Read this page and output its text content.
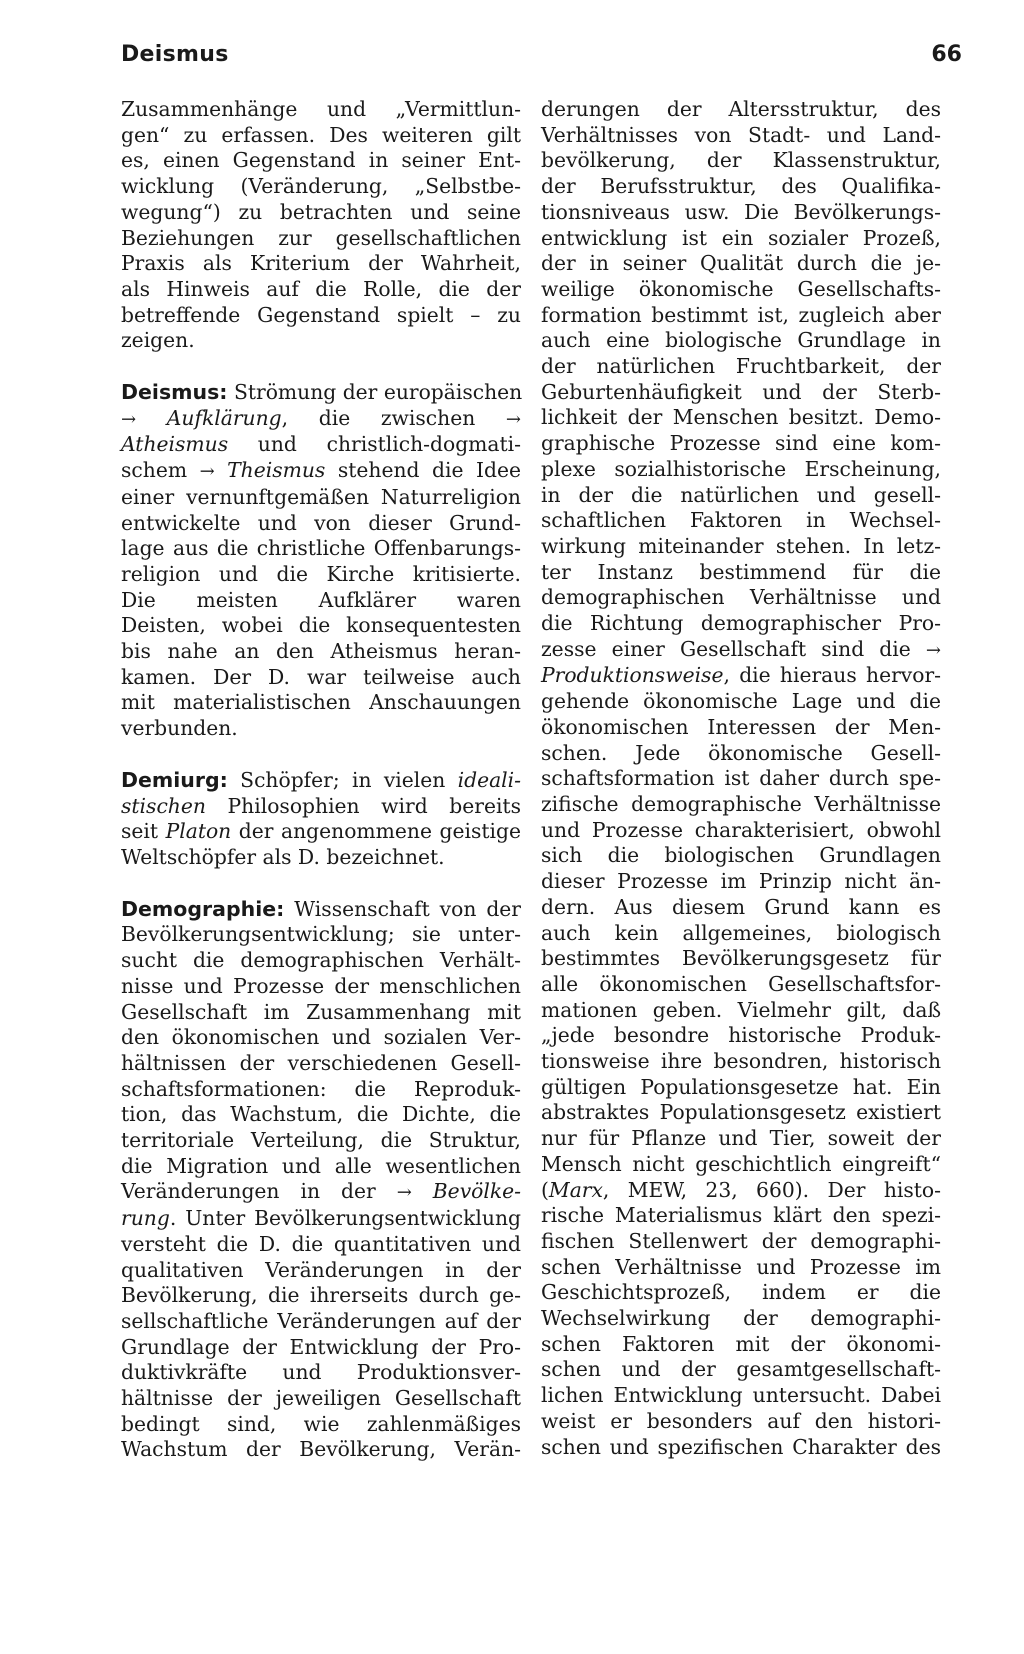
Deismus	66
Zusammenhänge und „Vermittlun-
gen“ zu erfassen. Des weiteren gilt
es, einen Gegenstand in seiner Ent-
wicklung (Veränderung, „Selbstbe-
wegung“) zu betrachten und seine
Beziehungen zur gesellschaftlichen
Praxis als Kriterium der Wahrheit,
als Hinweis auf die Rolle, die der
betreffende Gegenstand spielt – zu
zeigen.
Deismus: Strömung der europäischen
→ Aufklärung, die zwischen →
Atheismus und christlich-dogmati-
schem → Theismus stehend die Idee
einer vernunftgemäßen Naturreligion
entwickelte und von dieser Grund-
lage aus die christliche Offenbarungs-
religion und die Kirche kritisierte.
Die meisten Aufklärer waren
Deisten, wobei die konsequentesten
bis nahe an den Atheismus heran-
kamen. Der D. war teilweise auch
mit materialistischen Anschauungen
verbunden.
Demiurg: Schöpfer; in vielen ideali-
stischen Philosophien wird bereits
seit Platon der angenommene geistige
Weltschöpfer als D. bezeichnet.
Demographie: Wissenschaft von der
Bevölkerungsentwicklung; sie unter-
sucht die demographischen Verhält-
nisse und Prozesse der menschlichen
Gesellschaft im Zusammenhang mit
den ökonomischen und sozialen Ver-
hältnissen der verschiedenen Gesell-
schaftsformationen: die Reproduk-
tion, das Wachstum, die Dichte, die
territoriale Verteilung, die Struktur,
die Migration und alle wesentlichen
Veränderungen in der → Bevölke-
rung. Unter Bevölkerungsentwicklung
versteht die D. die quantitativen und
qualitativen Veränderungen in der
Bevölkerung, die ihrerseits durch ge-
sellschaftliche Veränderungen auf der
Grundlage der Entwicklung der Pro-
duktivkräfte und Produktionsver-
hältnisse der jeweiligen Gesellschaft
bedingt sind, wie zahlenmäßiges
Wachstum der Bevölkerung, Verän-
derungen der Altersstruktur, des
Verhältnisses von Stadt- und Land-
bevölkerung, der Klassenstruktur,
der Berufsstruktur, des Qualifika-
tionsniveaus usw. Die Bevölkerungs-
entwicklung ist ein sozialer Prozeß,
der in seiner Qualität durch die je-
weilige ökonomische Gesellschafts-
formation bestimmt ist, zugleich aber
auch eine biologische Grundlage in
der natürlichen Fruchtbarkeit, der
Geburtenhäufigkeit und der Sterb-
lichkeit der Menschen besitzt. Demo-
graphische Prozesse sind eine kom-
plexe sozialhistorische Erscheinung,
in der die natürlichen und gesell-
schaftlichen Faktoren in Wechsel-
wirkung miteinander stehen. In letz-
ter Instanz bestimmend für die
demographischen Verhältnisse und
die Richtung demographischer Pro-
zesse einer Gesellschaft sind die →
Produktionsweise, die hieraus hervor-
gehende ökonomische Lage und die
ökonomischen Interessen der Men-
schen. Jede ökonomische Gesell-
schaftsformation ist daher durch spe-
zifische demographische Verhältnisse
und Prozesse charakterisiert, obwohl
sich die biologischen Grundlagen
dieser Prozesse im Prinzip nicht än-
dern. Aus diesem Grund kann es
auch kein allgemeines, biologisch
bestimmtes Bevölkerungsgesetz für
alle ökonomischen Gesellschaftsfor-
mationen geben. Vielmehr gilt, daß
„jede besondre historische Produk-
tionsweise ihre besondren, historisch
gültigen Populationsgesetze hat. Ein
abstraktes Populationsgesetz existiert
nur für Pflanze und Tier, soweit der
Mensch nicht geschichtlich eingreift“
(Marx, MEW, 23, 660). Der histo-
rische Materialismus klärt den spezi-
fischen Stellenwert der demographi-
schen Verhältnisse und Prozesse im
Geschichtsprozeß, indem er die
Wechselwirkung der demographi-
schen Faktoren mit der ökonomi-
schen und der gesamtgesellschaft-
lichen Entwicklung untersucht. Dabei
weist er besonders auf den histori-
schen und spezifischen Charakter des
